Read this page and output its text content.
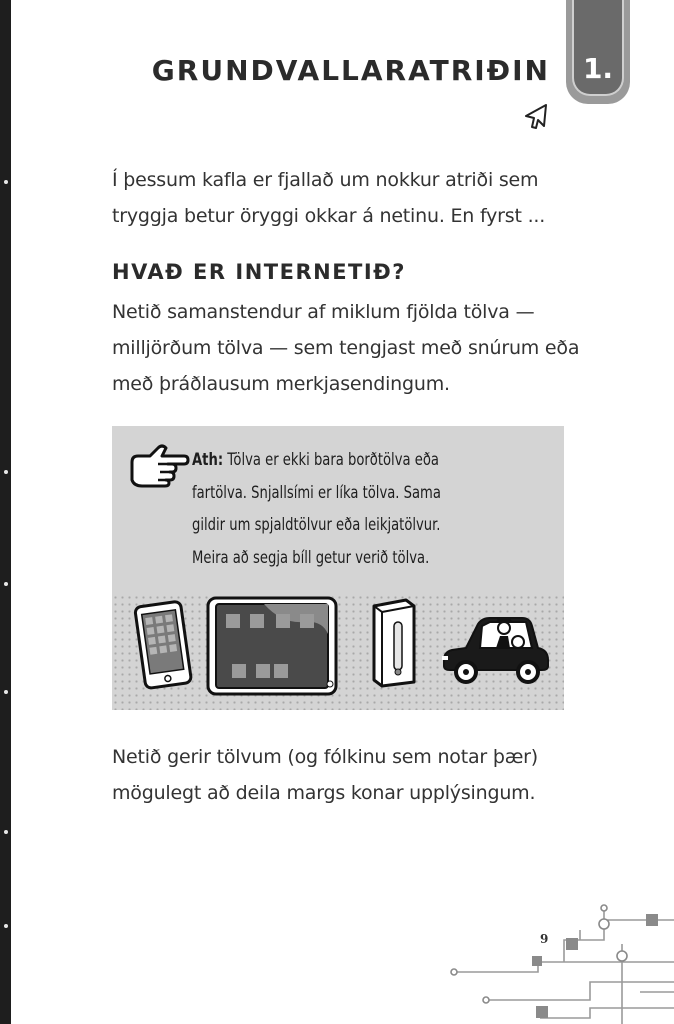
1.
GRUNDVALLARATRIÐIN
Í þessum kafla er fjallað um nokkur atriði sem
tryggja betur öryggi okkar á netinu. En fyrst ...
HVAÐ ER INTERNETIÐ?
Netið samanstendur af miklum fjölda tölva —
milljörðum tölva — sem tengjast með snúrum eða
með þráðlausum merkjasendingum.
Ath: Tölva er ekki bara borðtölva eða
fartölva. Snjallsími er líka tölva. Sama
gildir um spjaldtölvur eða leikjatölvur.
Meira að segja bíll getur verið tölva.
Netið gerir tölvum (og fólkinu sem notar þær)
mögulegt að deila margs konar upplýsingum.
9
